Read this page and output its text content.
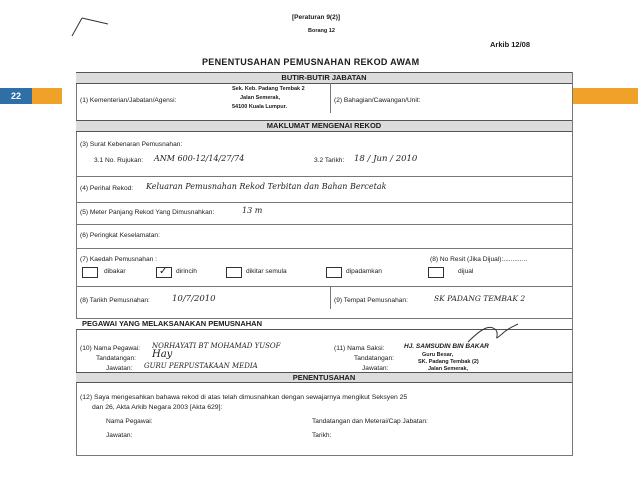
22
[Peraturan 9(2)]
Borang 12
Arkib 12/08
PENENTUSAHAN PEMUSNAHAN REKOD AWAM
BUTIR-BUTIR JABATAN
(1) Kementerian/Jabatan/Agensi:
Sek. Keb. Padang Tembak 2
Jalan Semerak,
54100 Kuala Lumpur.
(2) Bahagian/Cawangan/Unit:
MAKLUMAT MENGENAI REKOD
(3) Surat Kebenaran Pemusnahan:
3.1 No. Rujukan: ANM 600-12/14/27/74	3.2 Tarikh: 18 / Jun / 2010
(4) Perihal Rekod: Keluaran Pemusnahan Rekod Terbitan dan Bahan Bercetak
(5) Meter Panjang Rekod Yang Dimusnahkan:	13 m
(6) Peringkat Keselamatan:
(7) Kaedah Pemusnahan :	(8) No Resit (Jika Dijual):.............
dibakar	✓ dirincih	dikitar semula	dipadamkan	dijual
(8) Tarikh Pemusnahan:	10/7/2010	(9) Tempat Pemusnahan:	SK PADANG TEMBAK 2
PEGAWAI YANG MELAKSANAKAN PEMUSNAHAN
(10) Nama Pegawai: NORHAYATI BT MOHAMAD YUSOF
Tandatangan: Hay
Jawatan: GURU PERPUSTAKAAN MEDIA
(11) Nama Saksi:	HJ. SAMSUDIN BIN BAKAR
Tandatangan:
Jawatan:
Guru Besar,
SK. Padang Tembak (2)
Jalan Semerak,
PENENTUSAHAN
(12) Saya mengesahkan bahawa rekod di atas telah dimusnahkan dengan sewajarnya mengikut Seksyen 25
dan 26, Akta Arkib Negara 2003 [Akta 629]:
Nama Pegawai:
Jawatan:
Tandatangan dan Meterai/Cap Jabatan:
Tarikh:
